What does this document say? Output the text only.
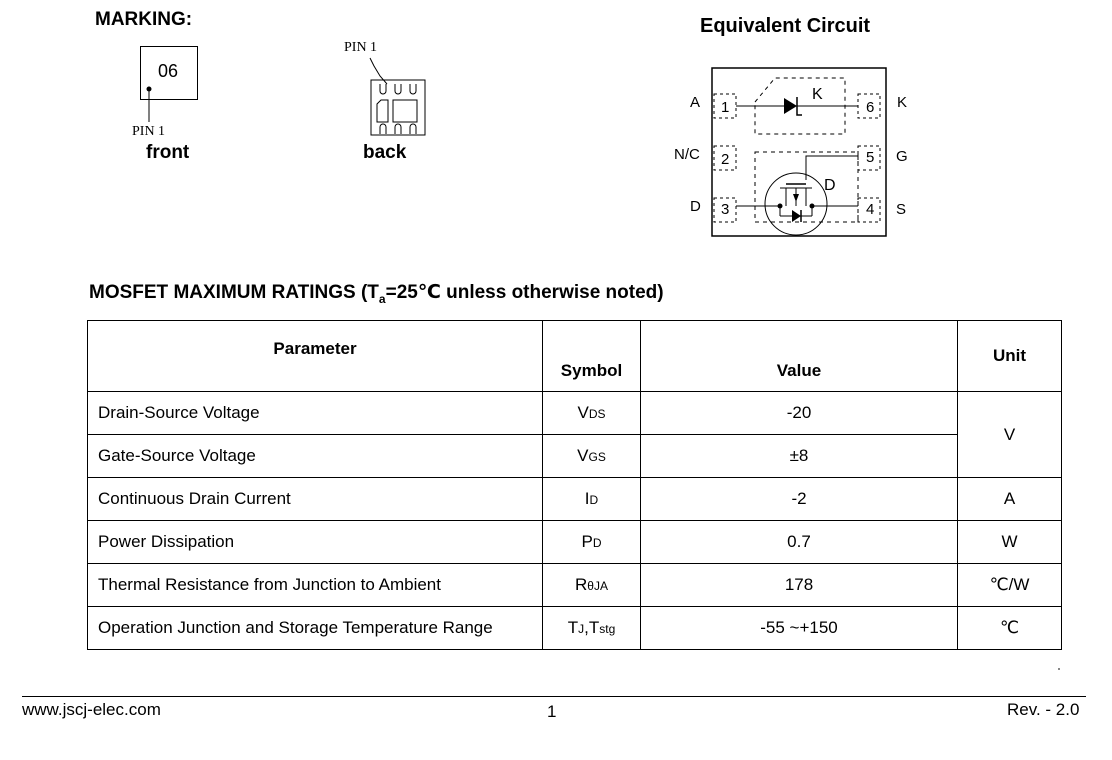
MARKING:
06
PIN 1
front
PIN 1
back
Equivalent Circuit
A
N/C
D
1
2
3
6
5
4
K
G
S
K
D
MOSFET MAXIMUM RATINGS ($T_a=25℃$ unless otherwise noted)
Parameter	Symbol	Value	Unit
Drain-Source Voltage	VDS	-20	V
Gate-Source Voltage	VGS	±8	
Continuous Drain Current	ID	-2	A
Power Dissipation	PD	0.7	W
Thermal Resistance from Junction to Ambient	RθJA	178	℃/W
Operation Junction and Storage Temperature Range	TJ,Tstg	-55 ~+150	℃
www.jscj-elec.com	1	Rev. - 2.0
